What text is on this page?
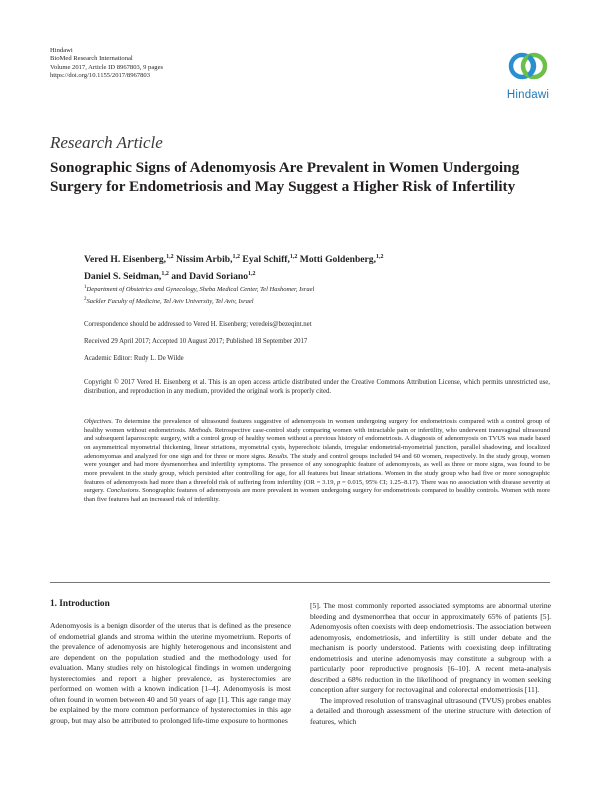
Hindawi
BioMed Research International
Volume 2017, Article ID 8967803, 9 pages
https://doi.org/10.1155/2017/8967803
Hindawi
Research Article
Sonographic Signs of Adenomyosis Are Prevalent in Women Undergoing Surgery for Endometriosis and May Suggest a Higher Risk of Infertility
Vered H. Eisenberg,$^{1,2}$ Nissim Arbib,$^{1,2}$ Eyal Schiff,$^{1,2}$ Motti Goldenberg,$^{1,2}$
Daniel S. Seidman,$^{1,2}$ and David Soriano$^{1,2}$
$^1$Department of Obstetrics and Gynecology, Sheba Medical Center, Tel Hashomer, Israel
$^2$Sackler Faculty of Medicine, Tel Aviv University, Tel Aviv, Israel
Correspondence should be addressed to Vered H. Eisenberg; veredeis@bezeqint.net
Received 29 April 2017; Accepted 10 August 2017; Published 18 September 2017
Academic Editor: Rudy L. De Wilde
Copyright © 2017 Vered H. Eisenberg et al. This is an open access article distributed under the Creative Commons Attribution License, which permits unrestricted use, distribution, and reproduction in any medium, provided the original work is properly cited.
Objectives. To determine the prevalence of ultrasound features suggestive of adenomyosis in women undergoing surgery for endometriosis compared with a control group of healthy women without endometriosis. Methods. Retrospective case-control study comparing women with intractable pain or infertility, who underwent transvaginal ultrasound and subsequent laparoscopic surgery, with a control group of healthy women without a previous history of endometriosis. A diagnosis of adenomyosis on TVUS was made based on asymmetrical myometrial thickening, linear striations, myometrial cysts, hyperechoic islands, irregular endometrial-myometrial junction, parallel shadowing, and localized adenomyomas and analyzed for one sign and for three or more signs. Results. The study and control groups included 94 and 60 women, respectively. In the study group, women were younger and had more dysmenorrhea and infertility symptoms. The presence of any sonographic feature of adenomyosis, as well as three or more signs, was found to be more prevalent in the study group, which persisted after controlling for age, for all features but linear striations. Women in the study group who had five or more sonographic features of adenomyosis had more than a threefold risk of suffering from infertility (OR = 3.19, p = 0.015, 95% CI; 1.25–8.17). There was no association with disease severity at surgery. Conclusions. Sonographic features of adenomyosis are more prevalent in women undergoing surgery for endometriosis compared to healthy controls. Women with more than five features had an increased risk of infertility.
1. Introduction

Adenomyosis is a benign disorder of the uterus that is defined as the presence of endometrial glands and stroma within the uterine myometrium. Reports of the prevalence of adenomyosis are highly heterogenous and inconsistent and are dependent on the population studied and the methodology used for evaluation. Many studies rely on histological findings in women undergoing hysterectomies and report a higher prevalence, as hysterectomies are performed on women with a known indication [1–4]. Adenomyosis is most often found in women between 40 and 50 years of age [1]. This age range may be explained by the more common performance of hysterectomies in this age group, but may also be attributed to prolonged life-time exposure to hormones

[5]. The most commonly reported associated symptoms are abnormal uterine bleeding and dysmenorrhea that occur in approximately 65% of patients [5]. Adenomyosis often coexists with deep endometriosis. The association between adenomyosis, endometriosis, and infertility is still under debate and the mechanism is poorly understood. Patients with coexisting deep infiltrating endometriosis and uterine adenomyosis may constitute a subgroup with a particularly poor reproductive prognosis [6–10]. A recent meta-analysis described a 68% reduction in the likelihood of pregnancy in women seeking conception after surgery for rectovaginal and colorectal endometriosis [11].

The improved resolution of transvaginal ultrasound (TVUS) probes enables a detailed and thorough assessment of the uterine structure with detection of features, which
